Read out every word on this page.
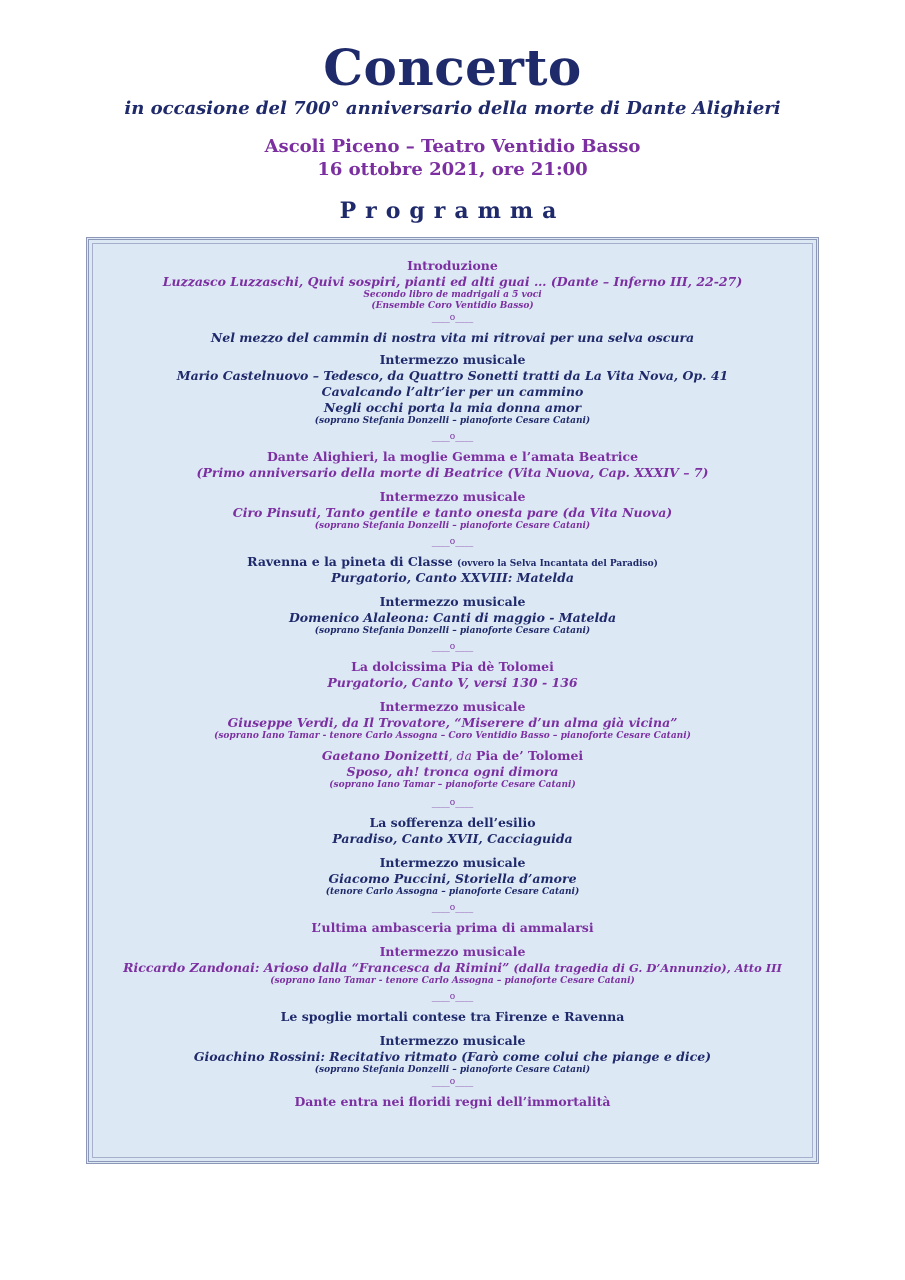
Concerto
in occasione del 700° anniversario della morte di Dante Alighieri
Ascoli Piceno – Teatro Ventidio Basso
16 ottobre 2021, ore 21:00
Programma
Introduzione
Luzzasco Luzzaschi, Quivi sospiri, pianti ed alti guai … (Dante – Inferno III, 22-27)
Secondo libro de madrigali a 5 voci
(Ensemble Coro Ventidio Basso)
____o____
Nel mezzo del cammin di nostra vita mi ritrovai per una selva oscura
Intermezzo musicale
Mario Castelnuovo – Tedesco, da Quattro Sonetti tratti da La Vita Nova, Op. 41
Cavalcando l’altr’ier per un cammino
Negli occhi porta la mia donna amor
(soprano Stefania Donzelli – pianoforte Cesare Catani)
____o____
Dante Alighieri, la moglie Gemma e l’amata Beatrice
(Primo anniversario della morte di Beatrice (Vita Nuova, Cap. XXXIV – 7)
Intermezzo musicale
Ciro Pinsuti, Tanto gentile e tanto onesta pare (da Vita Nuova)
(soprano Stefania Donzelli – pianoforte Cesare Catani)
____o____
Ravenna e la pineta di Classe (ovvero la Selva Incantata del Paradiso)
Purgatorio, Canto XXVIII: Matelda
Intermezzo musicale
Domenico Alaleona: Canti di maggio - Matelda
(soprano Stefania Donzelli – pianoforte Cesare Catani)
____o____
La dolcissima Pia dè Tolomei
Purgatorio, Canto V, versi 130 - 136
Intermezzo musicale
Giuseppe Verdi, da Il Trovatore, “Miserere d’un alma già vicina”
(soprano Iano Tamar - tenore Carlo Assogna – Coro Ventidio Basso – pianoforte Cesare Catani)
Gaetano Donizetti, da Pia de’ Tolomei
Sposo, ah! tronca ogni dimora
(soprano Iano Tamar – pianoforte Cesare Catani)
____o____
La sofferenza dell’esilio
Paradiso, Canto XVII, Cacciaguida
Intermezzo musicale
Giacomo Puccini, Storiella d’amore
(tenore Carlo Assogna – pianoforte Cesare Catani)
____o____
L’ultima ambasceria prima di ammalarsi
Intermezzo musicale
Riccardo Zandonai: Arioso dalla “Francesca da Rimini” (dalla tragedia di G. D’Annunzio), Atto III
(soprano Iano Tamar - tenore Carlo Assogna – pianoforte Cesare Catani)
____o____
Le spoglie mortali contese tra Firenze e Ravenna
Intermezzo musicale
Gioachino Rossini: Recitativo ritmato (Farò come colui che piange e dice)
(soprano Stefania Donzelli – pianoforte Cesare Catani)
____o____
Dante entra nei floridi regni dell’immortalità
